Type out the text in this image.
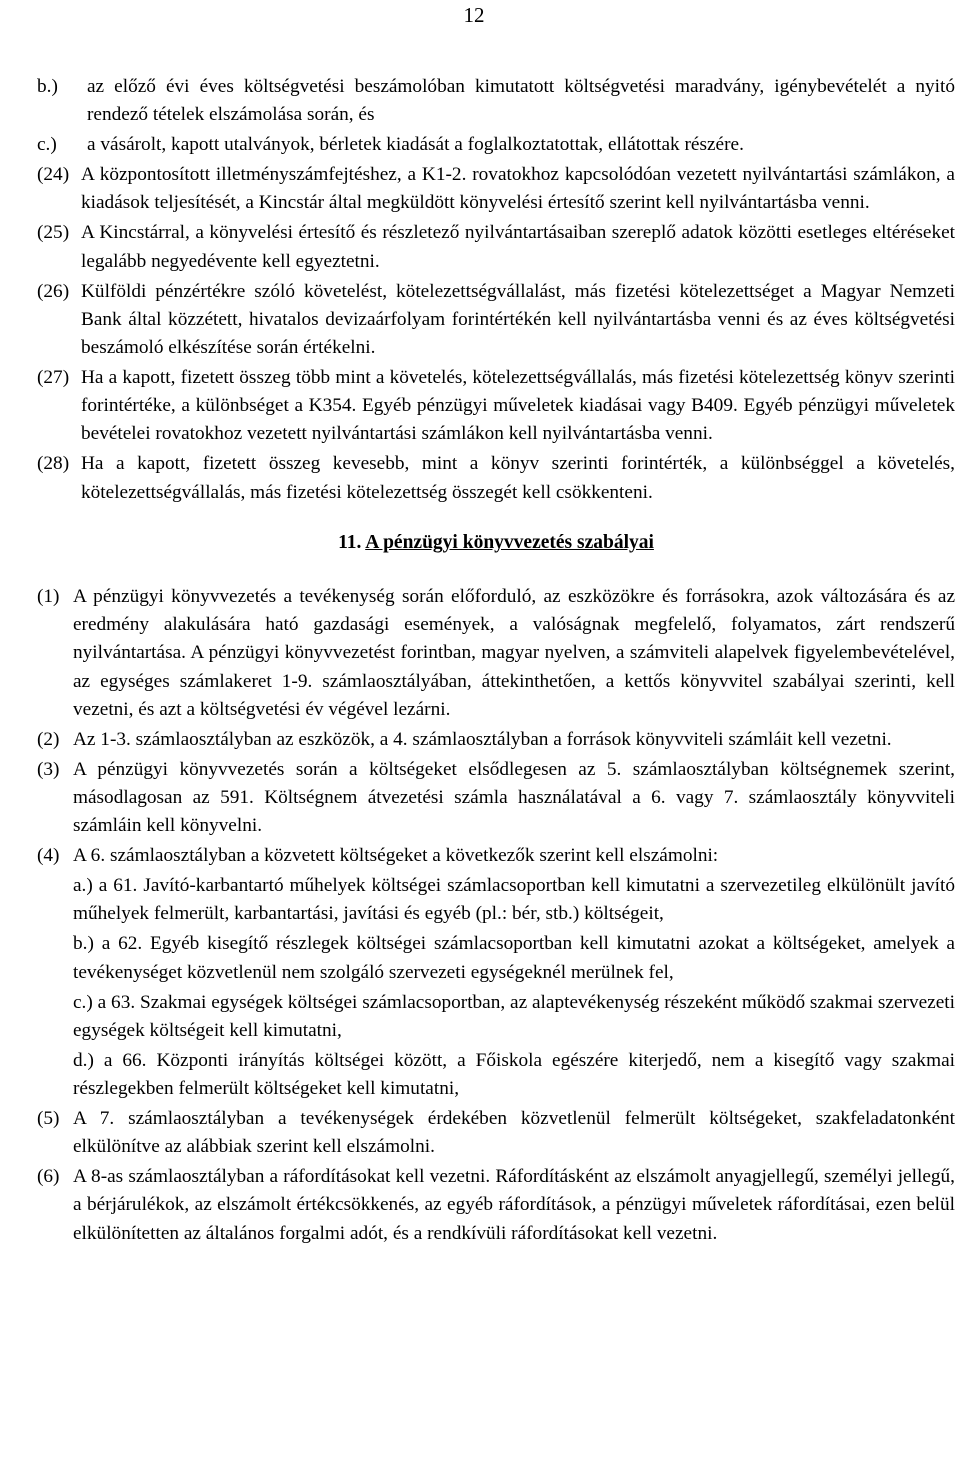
12
b.) az előző évi éves költségvetési beszámolóban kimutatott költségvetési maradvány, igénybevételét a nyitó rendező tételek elszámolása során, és
c.) a vásárolt, kapott utalványok, bérletek kiadását a foglalkoztatottak, ellátottak részére.
(24) A központosított illetményszámfejtéshez, a K1-2. rovatokhoz kapcsolódóan vezetett nyilvántartási számlákon, a kiadások teljesítését, a Kincstár által megküldött könyvelési értesítő szerint kell nyilvántartásba venni.
(25) A Kincstárral, a könyvelési értesítő és részletező nyilvántartásaiban szereplő adatok közötti esetleges eltéréseket legalább negyedévente kell egyeztetni.
(26) Külföldi pénzértékre szóló követelést, kötelezettségvállalást, más fizetési kötelezettséget a Magyar Nemzeti Bank által közzétett, hivatalos devizaárfolyam forintértékén kell nyilvántartásba venni és az éves költségvetési beszámoló elkészítése során értékelni.
(27) Ha a kapott, fizetett összeg több mint a követelés, kötelezettségvállalás, más fizetési kötelezettség könyv szerinti forintértéke, a különbséget a K354. Egyéb pénzügyi műveletek kiadásai vagy B409. Egyéb pénzügyi műveletek bevételei rovatokhoz vezetett nyilvántartási számlákon kell nyilvántartásba venni.
(28) Ha a kapott, fizetett összeg kevesebb, mint a könyv szerinti forintérték, a különbséggel a követelés, kötelezettségvállalás, más fizetési kötelezettség összegét kell csökkenteni.
11. A pénzügyi könyvvezetés szabályai
(1) A pénzügyi könyvvezetés a tevékenység során előforduló, az eszközökre és forrásokra, azok változására és az eredmény alakulására ható gazdasági események, a valóságnak megfelelő, folyamatos, zárt rendszerű nyilvántartása. A pénzügyi könyvvezetést forintban, magyar nyelven, a számviteli alapelvek figyelembevételével, az egységes számlakeret 1-9. számlaosztályában, áttekinthetően, a kettős könyvvitel szabályai szerinti, kell vezetni, és azt a költségvetési év végével lezárni.
(2) Az 1-3. számlaosztályban az eszközök, a 4. számlaosztályban a források könyvviteli számláit kell vezetni.
(3) A pénzügyi könyvvezetés során a költségeket elsődlegesen az 5. számlaosztályban költségnemek szerint, másodlagosan az 591. Költségnem átvezetési számla használatával a 6. vagy 7. számlaosztály könyvviteli számláin kell könyvelni.
(4) A 6. számlaosztályban a közvetett költségeket a következők szerint kell elszámolni:
a.) a 61. Javító-karbantartó műhelyek költségei számlacsoportban kell kimutatni a szervezetileg elkülönült javító műhelyek felmerült, karbantartási, javítási és egyéb (pl.: bér, stb.) költségeit,
b.) a 62. Egyéb kisegítő részlegek költségei számlacsoportban kell kimutatni azokat a költségeket, amelyek a tevékenységet közvetlenül nem szolgáló szervezeti egységeknél merülnek fel,
c.) a 63. Szakmai egységek költségei számlacsoportban, az alaptevékenység részeként működő szakmai szervezeti egységek költségeit kell kimutatni,
d.) a 66. Központi irányítás költségei között, a Főiskola egészére kiterjedő, nem a kisegítő vagy szakmai részlegekben felmerült költségeket kell kimutatni,
(5) A 7. számlaosztályban a tevékenységek érdekében közvetlenül felmerült költségeket, szakfeladatonként elkülönítve az alábbiak szerint kell elszámolni.
(6) A 8-as számlaosztályban a ráfordításokat kell vezetni. Ráfordításként az elszámolt anyagjellegű, személyi jellegű, a bérjárulékok, az elszámolt értékcsökkenés, az egyéb ráfordítások, a pénzügyi műveletek ráfordításai, ezen belül elkülönítetten az általános forgalmi adót, és a rendkívüli ráfordításokat kell vezetni.
